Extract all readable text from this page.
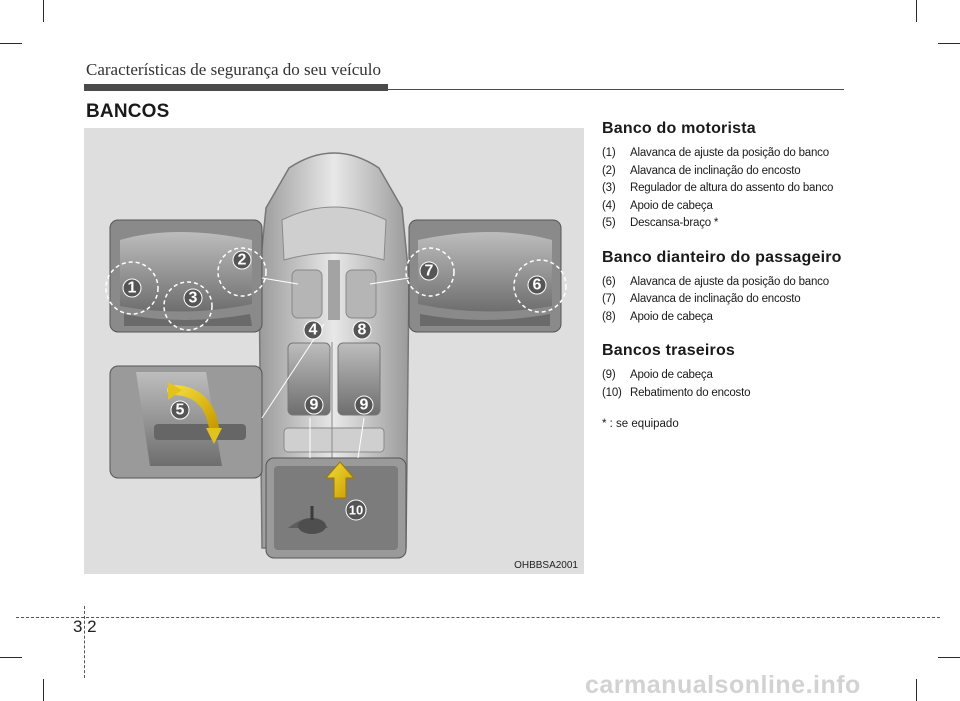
Características de segurança do seu veículo
BANCOS
1
2
3
4
5
6
7
8
9	9
10
OHBBSA2001
Banco do motorista
(1)	Alavanca de ajuste da posição do banco
(2)	Alavanca de inclinação do encosto
(3)	Regulador de altura do assento do banco
(4)	Apoio de cabeça
(5)	Descansa-braço *
Banco dianteiro do passageiro
(6)	Alavanca de ajuste da posição do banco
(7)	Alavanca de inclinação do encosto
(8)	Apoio de cabeça
Bancos traseiros
(9)	Apoio de cabeça
(10) Rebatimento do encosto
* : se equipado
3 2
carmanualsonline.info
